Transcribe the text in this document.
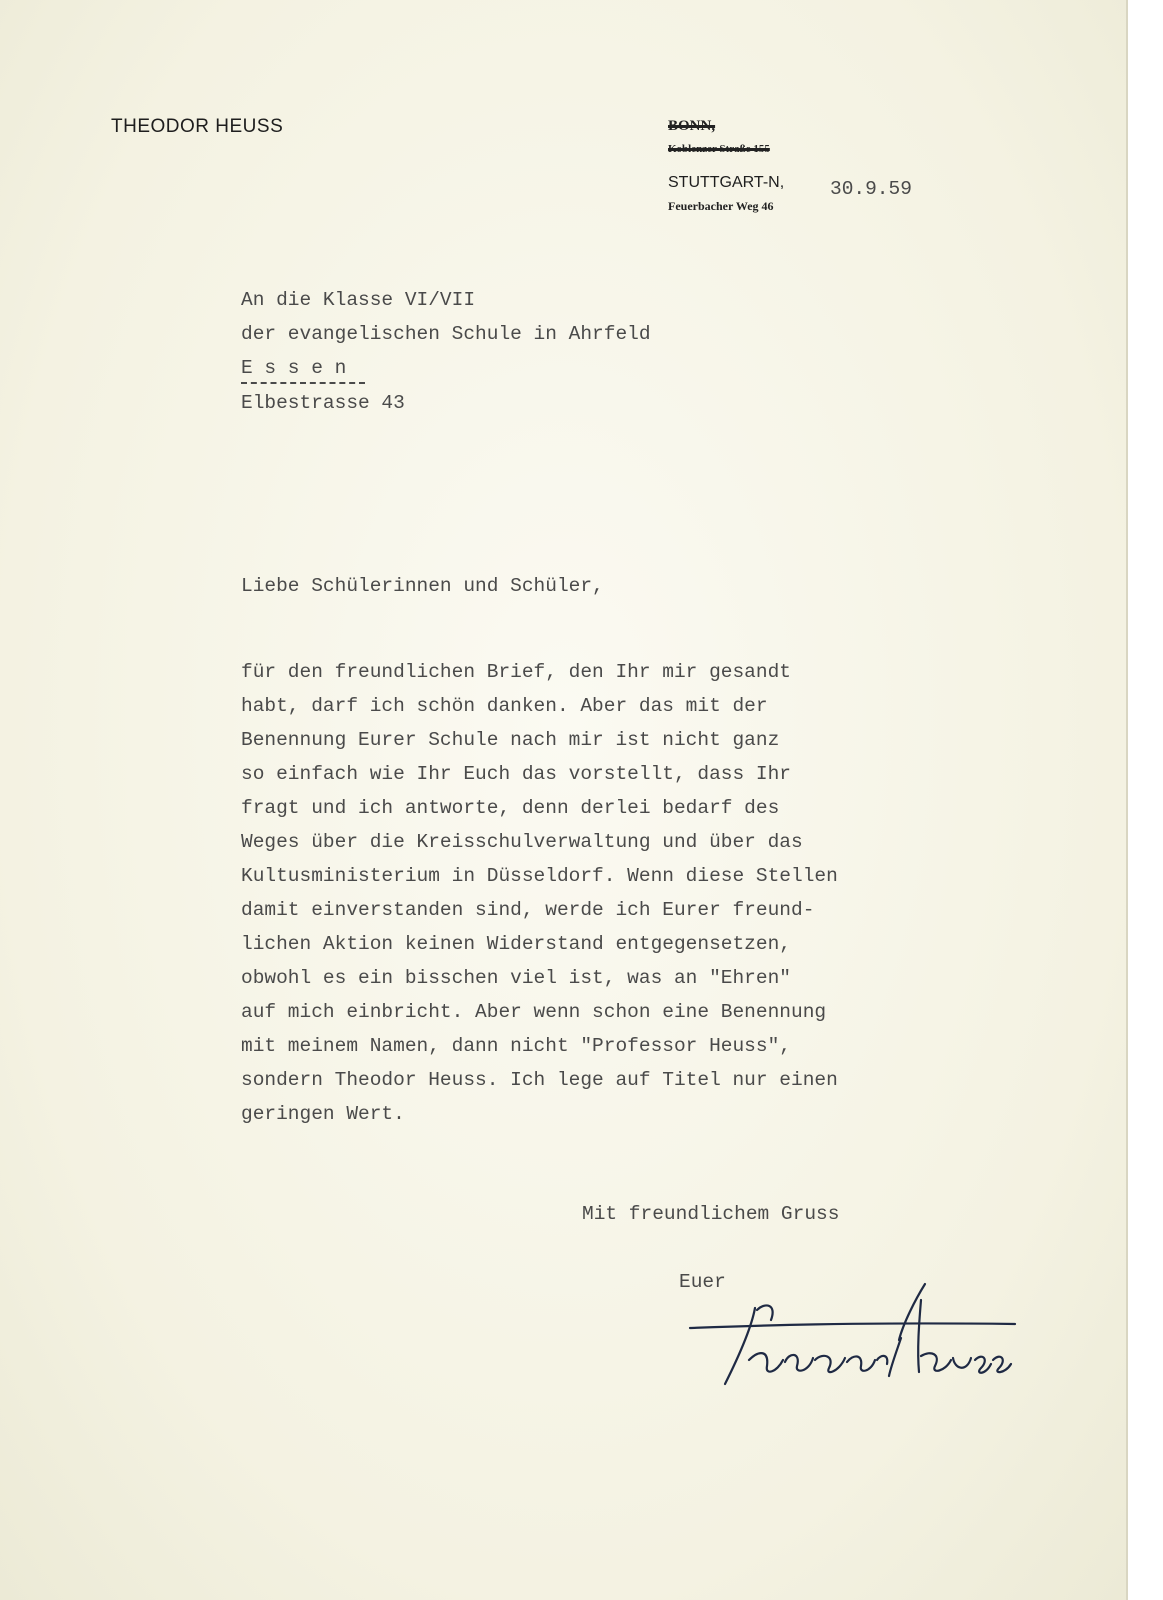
THEODOR HEUSS	BONN,
Koblenzer Straße 155
STUTTGART-N,
Feuerbacher Weg 46
30.9.59
An die Klasse VI/VII
der evangelischen Schule in Ahrfeld
E s s e n
Elbestrasse 43
Liebe Schülerinnen und Schüler,
für den freundlichen Brief, den Ihr mir gesandt
habt, darf ich schön danken. Aber das mit der
Benennung Eurer Schule nach mir ist nicht ganz
so einfach wie Ihr Euch das vorstellt, dass Ihr
fragt und ich antworte, denn derlei bedarf des
Weges über die Kreisschulverwaltung und über das
Kultusministerium in Düsseldorf. Wenn diese Stellen
damit einverstanden sind, werde ich Eurer freund-
lichen Aktion keinen Widerstand entgegensetzen,
obwohl es ein bisschen viel ist, was an "Ehren"
auf mich einbricht. Aber wenn schon eine Benennung
mit meinem Namen, dann nicht "Professor Heuss",
sondern Theodor Heuss. Ich lege auf Titel nur einen
geringen Wert.
Mit freundlichem Gruss
Euer
